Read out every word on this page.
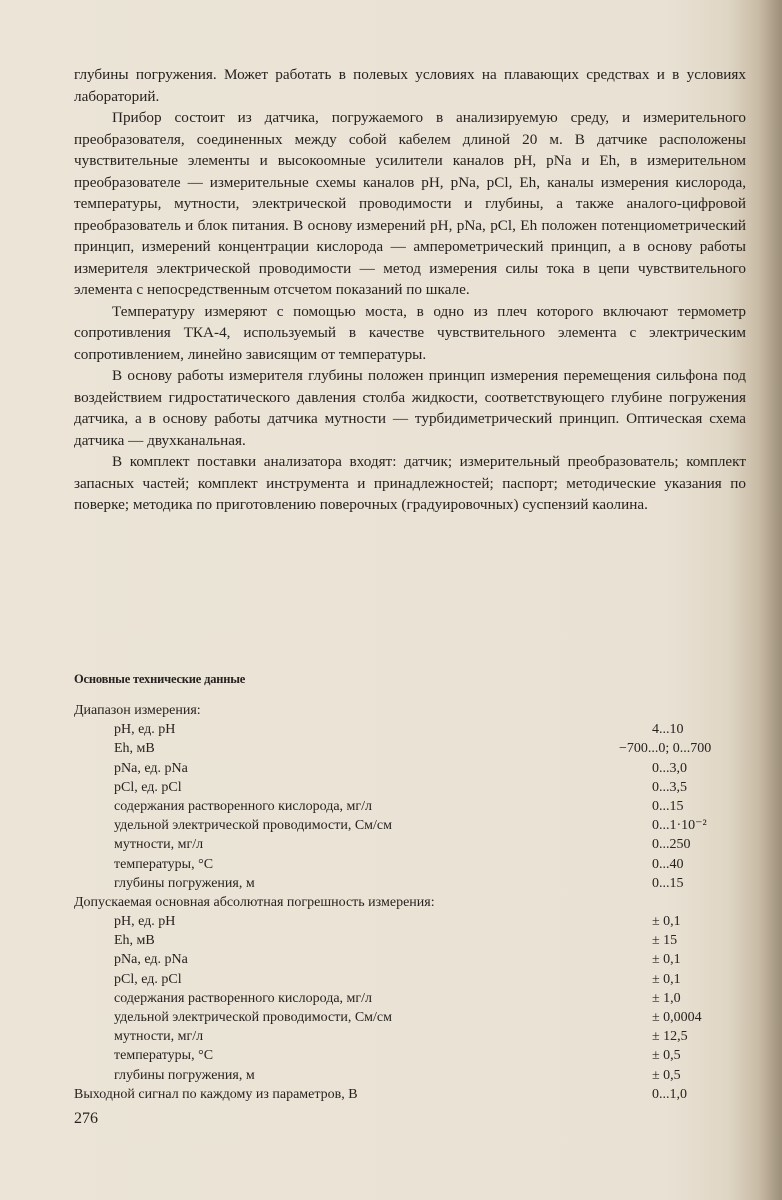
глубины погружения. Может работать в полевых условиях на плавающих средствах и в условиях лабораторий.

Прибор состоит из датчика, погружаемого в анализируемую среду, и измерительного преобразователя, соединенных между собой кабелем длиной 20 м. В датчике расположены чувствительные элементы и высокоомные усилители каналов pH, pNa и Eh, в измерительном преобразователе — измерительные схемы каналов pH, pNa, pCl, Eh, каналы измерения кислорода, температуры, мутности, электрической проводимости и глубины, а также аналого-цифровой преобразователь и блок питания. В основу измерений pH, pNa, pCl, Eh положен потенциометрический принцип, измерений концентрации кислорода — амперометрический принцип, а в основу работы измерителя электрической проводимости — метод измерения силы тока в цепи чувствительного элемента с непосредственным отсчетом показаний по шкале.

Температуру измеряют с помощью моста, в одно из плеч которого включают термометр сопротивления ТКА-4, используемый в качестве чувствительного элемента с электрическим сопротивлением, линейно зависящим от температуры.

В основу работы измерителя глубины положен принцип измерения перемещения сильфона под воздействием гидростатического давления столба жидкости, соответствующего глубине погружения датчика, а в основу работы датчика мутности — турбидиметрический принцип. Оптическая схема датчика — двухканальная.

В комплект поставки анализатора входят: датчик; измерительный преобразователь; комплект запасных частей; комплект инструмента и принадлежностей; паспорт; методические указания по поверке; методика по приготовлению поверочных (градуировочных) суспензий каолина.

Основные технические данные
Диапазон измерения:
pH, ед. pH	4...10
Eh, мВ	−700...0; 0...700
pNa, ед. pNa	0...3,0
pCl, ед. pCl	0...3,5
содержания растворенного кислорода, мг/л	0...15
удельной электрической проводимости, См/см	0...1·10⁻²
мутности, мг/л	0...250
температуры, °С	0...40
глубины погружения, м	0...15
Допускаемая основная абсолютная погрешность измерения:
pH, ед. pH	± 0,1
Eh, мВ	± 15
pNa, ед. pNa	± 0,1
pCl, ед. pCl	± 0,1
содержания растворенного кислорода, мг/л	± 1,0
удельной электрической проводимости, См/см	± 0,0004
мутности, мг/л	± 12,5
температуры, °С	± 0,5
глубины погружения, м	± 0,5
Выходной сигнал по каждому из параметров, В	0...1,0
276
